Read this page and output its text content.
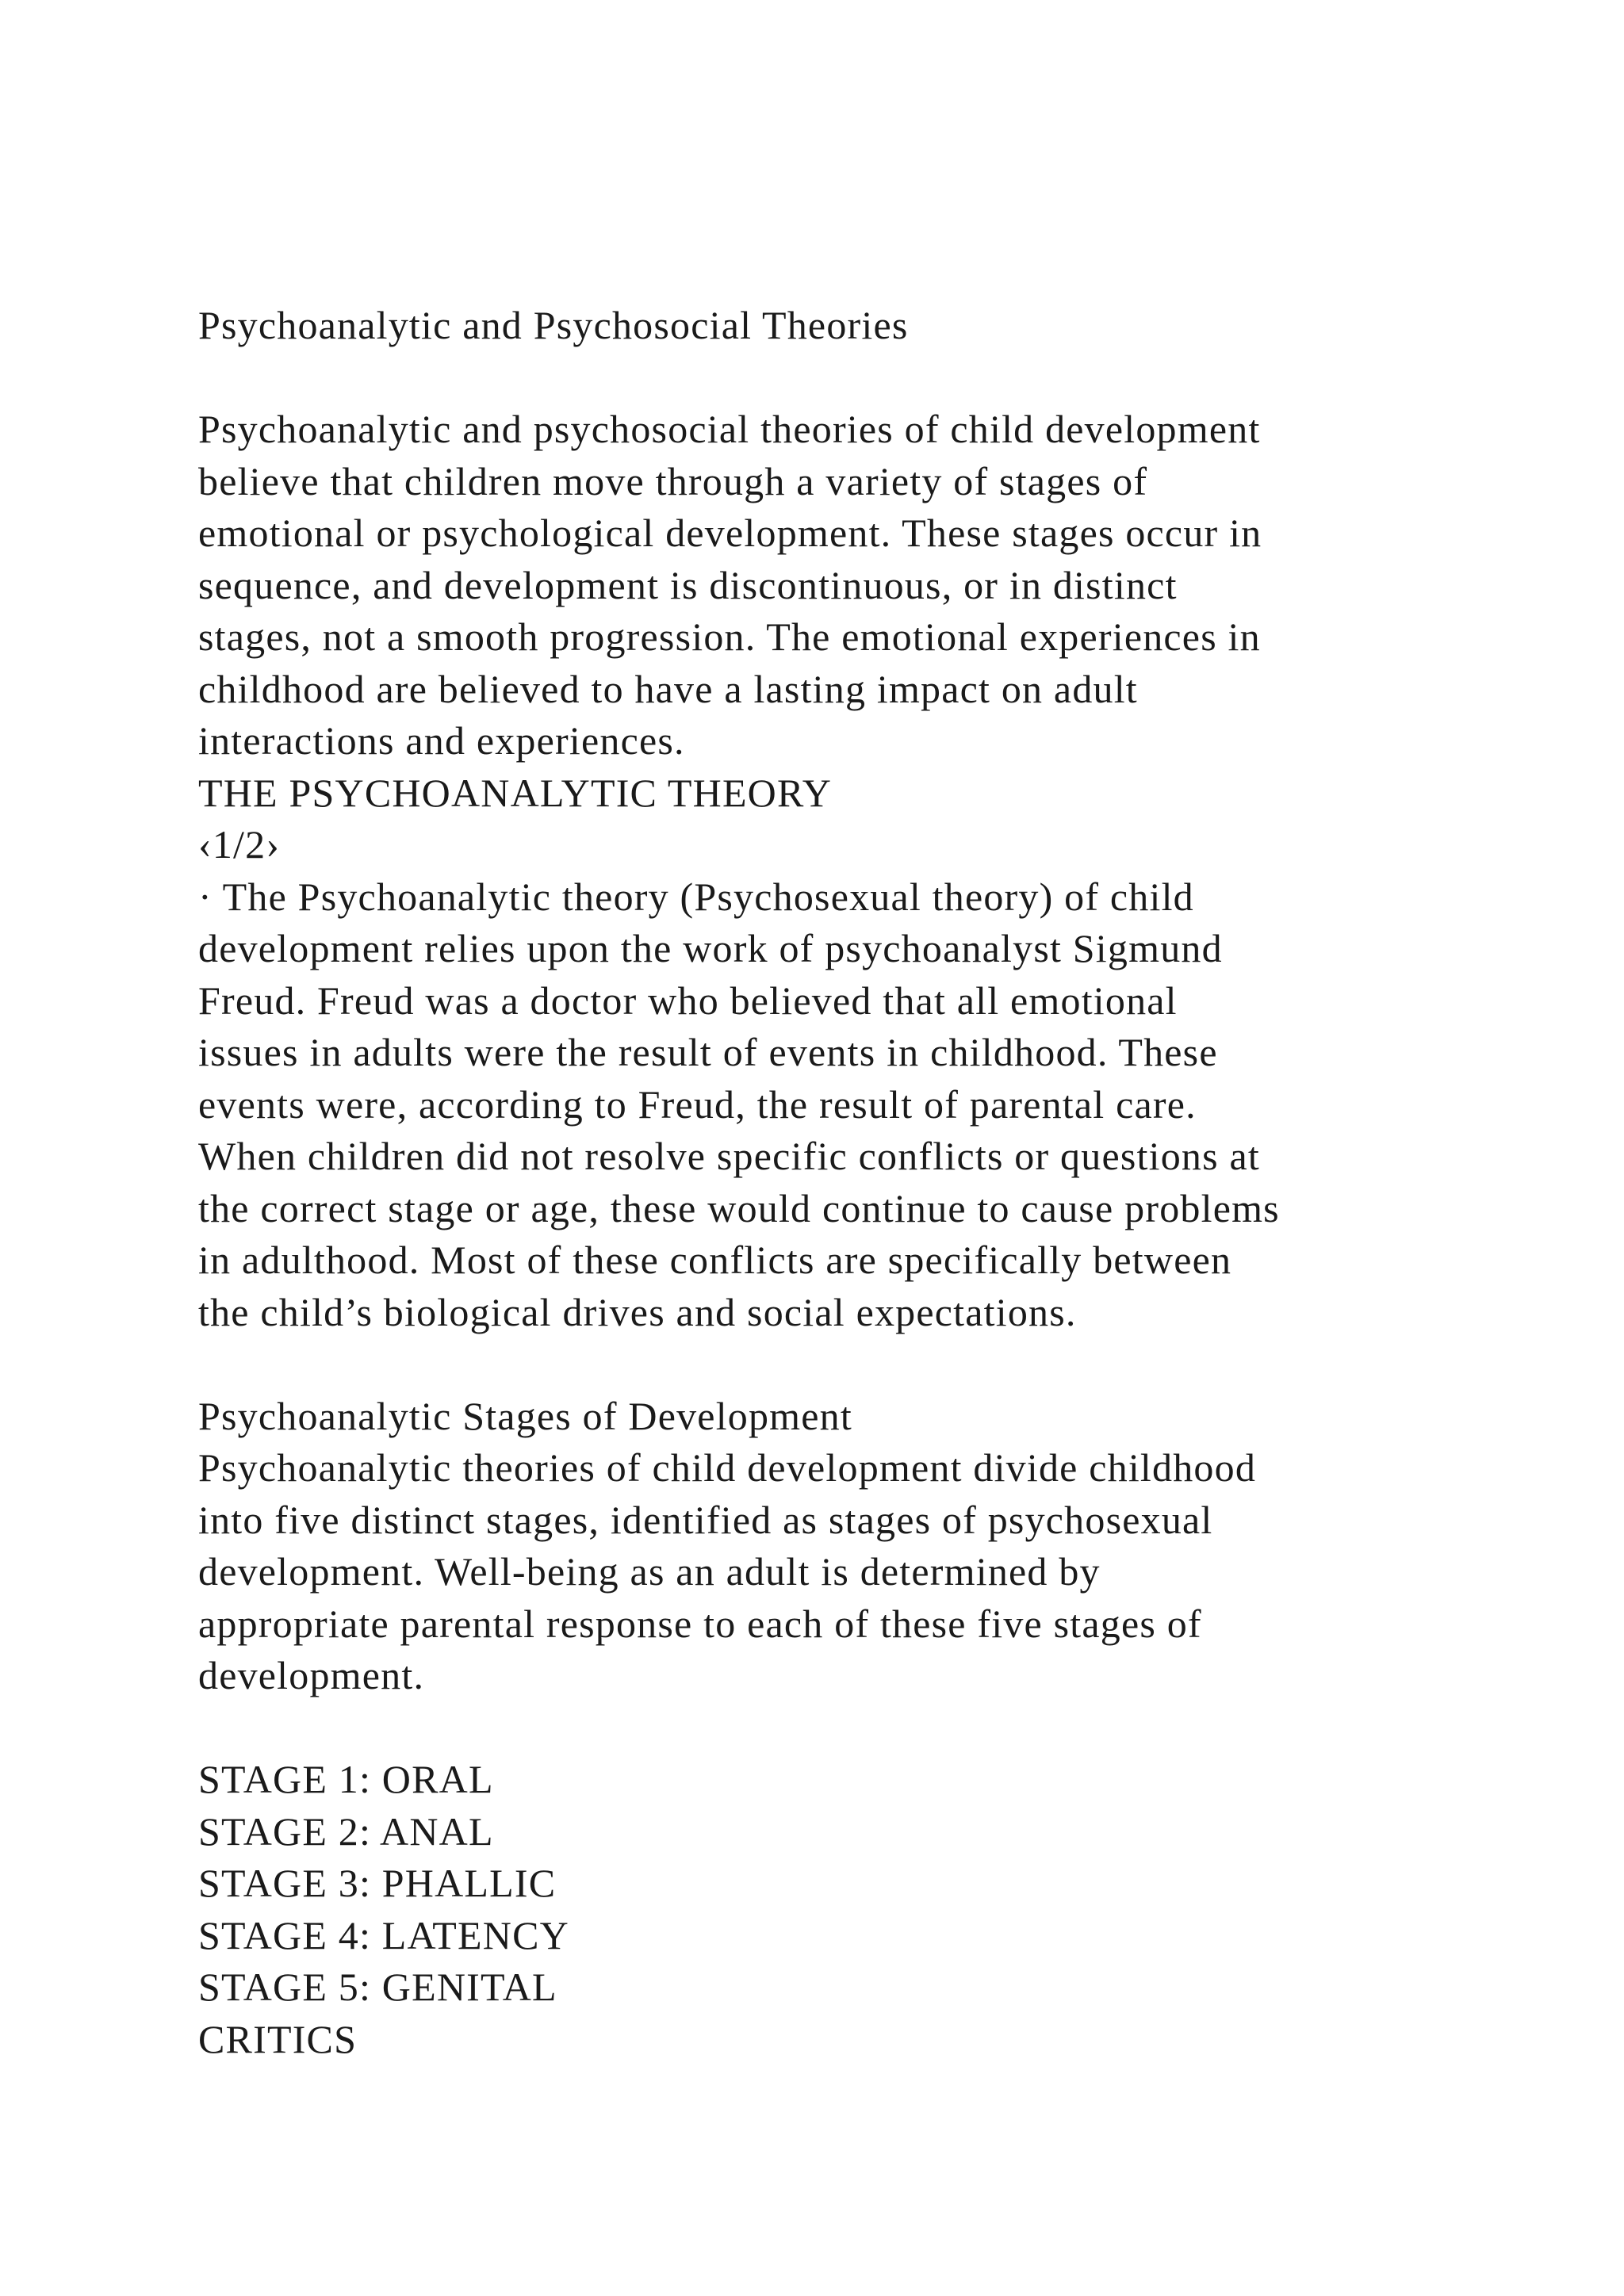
Psychoanalytic and Psychosocial Theories
Psychoanalytic and psychosocial theories of child development
believe that children move through a variety of stages of
emotional or psychological development. These stages occur in
sequence, and development is discontinuous, or in distinct
stages, not a smooth progression. The emotional experiences in
childhood are believed to have a lasting impact on adult
interactions and experiences.
THE PSYCHOANALYTIC THEORY
‹1/2›
· The Psychoanalytic theory (Psychosexual theory) of child
development relies upon the work of psychoanalyst Sigmund
Freud. Freud was a doctor who believed that all emotional
issues in adults were the result of events in childhood. These
events were, according to Freud, the result of parental care.
When children did not resolve specific conflicts or questions at
the correct stage or age, these would continue to cause problems
in adulthood. Most of these conflicts are specifically between
the child’s biological drives and social expectations.
Psychoanalytic Stages of Development
Psychoanalytic theories of child development divide childhood
into five distinct stages, identified as stages of psychosexual
development. Well-being as an adult is determined by
appropriate parental response to each of these five stages of
development.
STAGE 1: ORAL
STAGE 2: ANAL
STAGE 3: PHALLIC
STAGE 4: LATENCY
STAGE 5: GENITAL
CRITICS
